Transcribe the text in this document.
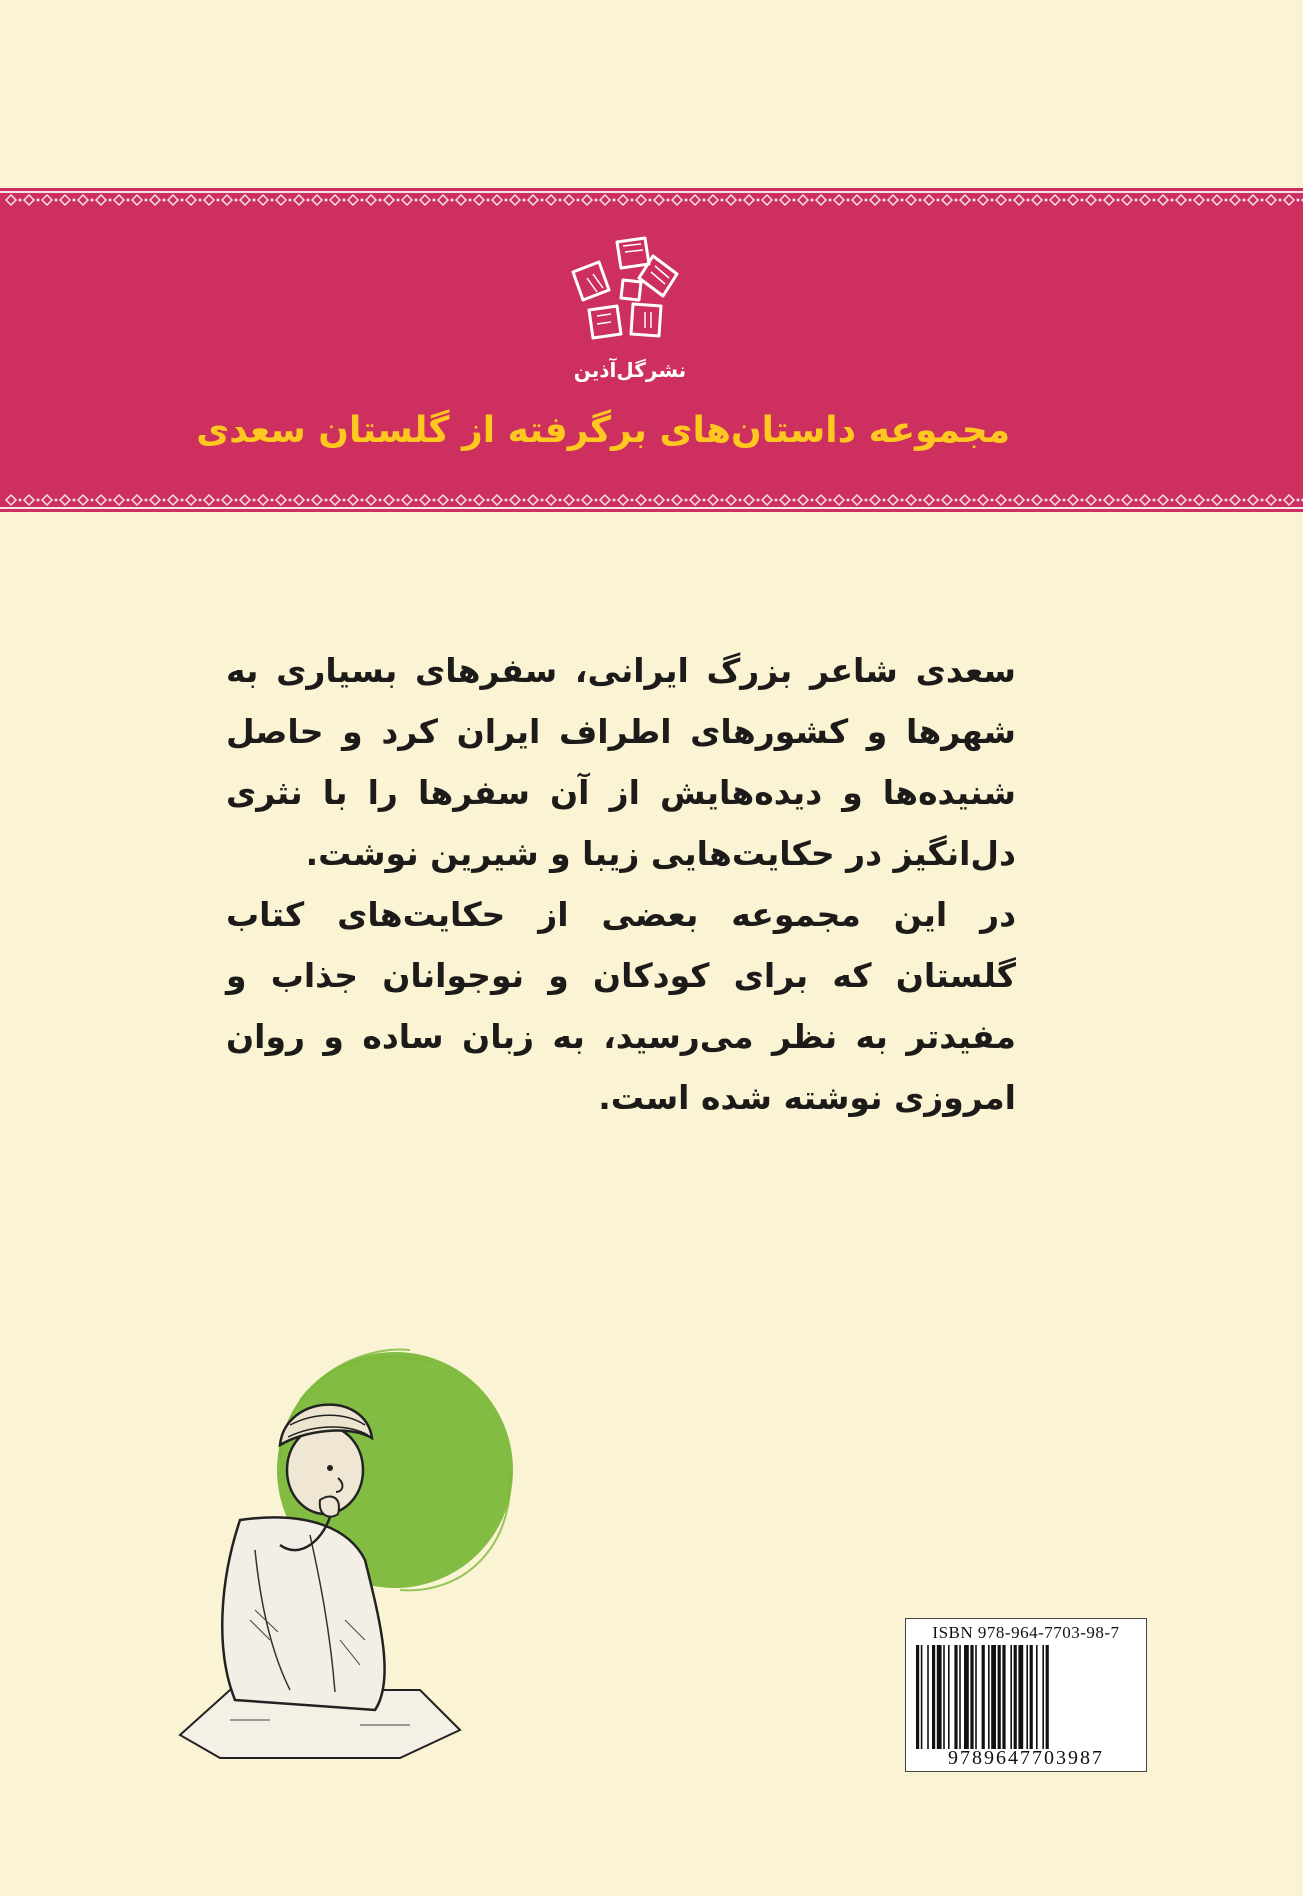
نشرگل‌آذین
مجموعه داستان‌های برگرفته از گلستان سعدی

سعدی شاعر بزرگ ایرانی، سفرهای بسیاری به شهرها و کشورهای اطراف ایران کرد و حاصل شنیده‌ها و دیده‌هایش از آن سفرها را با نثری دل‌انگیز در حکایت‌هایی زیبا و شیرین نوشت.

در این مجموعه بعضی از حکایت‌های کتاب گلستان که برای کودکان و نوجوانان جذاب و مفیدتر به نظر می‌رسید، به زبان ساده و روان امروزی نوشته شده است.

ISBN 978-964-7703-98-7
9789647703987
